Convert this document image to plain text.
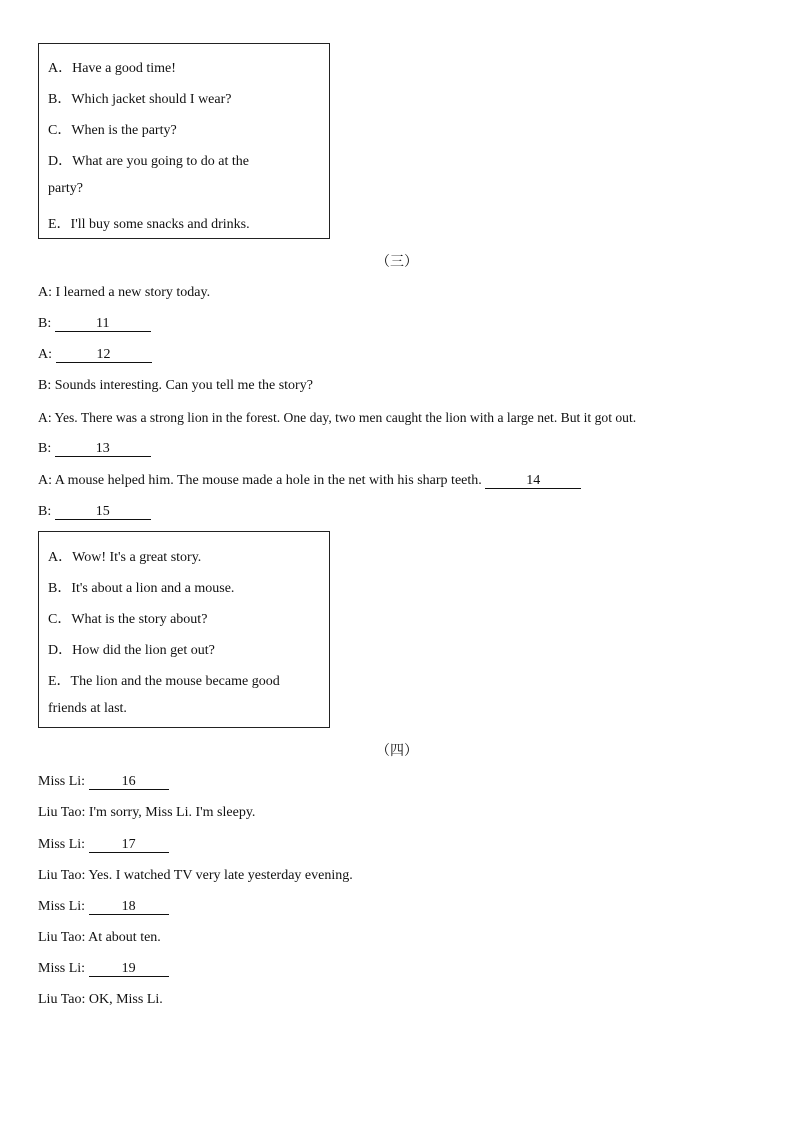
A．Have a good time!
B．Which jacket should I wear?
C．When is the party?
D．What are you going to do at the
party?
E．I'll buy some snacks and drinks.
（三）
A: I learned a new story today.
B:	11
A:	12
B: Sounds interesting. Can you tell me the story?
A: Yes. There was a strong lion in the forest. One day, two men caught the lion with a large net. But it got out.
B:	13
A: A mouse helped him. The mouse made a hole in the net with his sharp teeth.	14
B:	15
A．Wow! It's a great story.
B．It's about a lion and a mouse.
C．What is the story about?
D．How did the lion get out?
E．The lion and the mouse became good
friends at last.
（四）
Miss Li: 16
Liu Tao: I'm sorry, Miss Li. I'm sleepy.
Miss Li: 17
Liu Tao: Yes. I watched TV very late yesterday evening.
Miss Li: 18
Liu Tao: At about ten.
Miss Li: 19
Liu Tao: OK, Miss Li.
